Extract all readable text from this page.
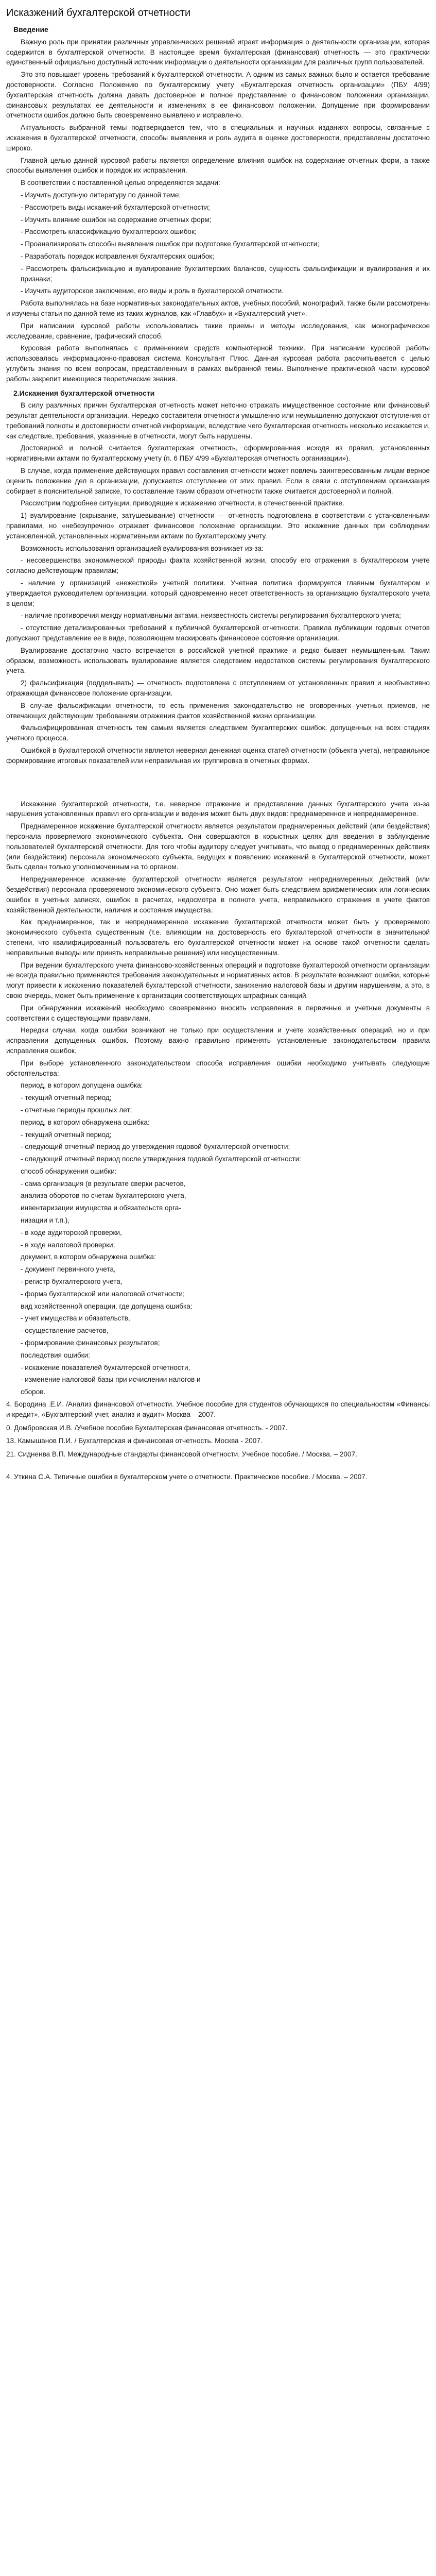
Исказжений бухгалтерской отчетности
Введение

Важную роль при принятии различных управленческих решений играет информация о деятельности организации, которая содержится в бухгалтерской отчетности. В настоящее время бухгалтерская (финансовая) отчетность — это практически единственный официально доступный источник информации о деятельности организации для различных групп пользователей.

Это это повышает уровень требований к бухгалтерской отчетности. А одним из самых важных было и остается требование достоверности. Согласно Положению по бухгалтерскому учету «Бухгалтерская отчетность организации» (ПБУ 4/99) бухгалтерская отчетность должна давать достоверное и полное представление о финансовом положении организации, финансовых результатах ее деятельности и изменениях в ее финансовом положении. Допущение при формировании отчетности ошибок должно быть своевременно выявлено и исправлено.

Актуальность выбранной темы подтверждается тем, что в специальных и научных изданиях вопросы, связанные с искажения в бухгалтерской отчетности, способы выявления и роль аудита в оценке достоверности, представлены достаточно широко.

Главной целью данной курсовой работы является определение влияния ошибок на содержание отчетных форм, а также способы выявления ошибок и порядок их исправления.

В соответствии с поставленной целью определяются задачи:

- Изучить доступную литературу по данной теме;
- Рассмотреть виды искажений бухгалтерской отчетности;
- Изучить влияние ошибок на содержание отчетных форм;
- Рассмотреть классификацию бухгалтерских ошибок;
- Проанализировать способы выявления ошибок при подготовке бухгалтерской отчетности;
- Разработать порядок исправления бухгалтерских ошибок;
- Рассмотреть фальсификацию и вуалирование бухгалтерских балансов, сущность фальсификации и вуалирования и их признаки;
- Изучить аудиторское заключение, его виды и роль в бухгалтерской отчетности.

Работа выполнялась на базе нормативных законодательных актов, учебных пособий, монографий, также были рассмотрены и изучены статьи по данной теме из таких журналов, как «Главбух» и «Бухгалтерский учет».

При написании курсовой работы использовались такие приемы и методы исследования, как монографическое исследование, сравнение, графический способ.

Курсовая работа выполнялась с применением средств компьютерной техники. При написании курсовой работы использовалась информационно-правовая система Консультант Плюс. Данная курсовая работа рассчитывается с целью углубить знания по всем вопросам, представленным в рамках выбранной темы. Выполнение практической части курсовой работы закрепит имеющиеся теоретические знания.

2.Искажения бухгалтерской отчетности

В силу различных причин бухгалтерская отчетность может неточно отражать имущественное состояние или финансовый результат деятельности организации. Нередко составители отчетности умышленно или неумышленно допускают отступления от требований полноты и достоверности отчетной информации, вследствие чего бухгалтерская отчетность несколько искажается и, как следствие, требования, указанные в отчетности, могут быть нарушены.

Достоверной и полной считается бухгалтерская отчетность, сформированная исходя из правил, установленных нормативными актами по бухгалтерскому учету (п. 6 ПБУ 4/99 «Бухгалтерская отчетность организации»).

В случае, когда применение действующих правил составления отчетности может повлечь заинтересованным лицам верное оценить положение дел в организации, допускается отступление от этих правил. Если в связи с отступлением организация собирает в пояснительной записке, то составление таким образом отчетности также считается достоверной и полной.

Рассмотрим подробнее ситуации, приводящие к искажению отчетности, в отечественной практике.

1) вуалирование (скрывание, затушевывание) отчетности — отчетность подготовлена в соответствии с установленными правилами, но «небезупречно» отражает финансовое положение организации. Это искажение данных при соблюдении установленной, установленных нормативными актами по бухгалтерскому учету.

Возможность использования организацией вуалирования возникает из-за:

- несовершенства экономической природы факта хозяйственной жизни, способу его отражения в бухгалтерском учете согласно действующим правилам;

- наличие у организаций «нежесткой» учетной политики. Учетная политика формируется главным бухгалтером и утверждается руководителем организации, который одновременно несет ответственность за организацию бухгалтерского учета в целом;

- наличие противоречия между нормативными актами, неизвестность системы регулирования бухгалтерского учета;

- отсутствие детализированных требований к публичной бухгалтерской отчетности. Правила публикации годовых отчетов допускают представление ее в виде, позволяющем маскировать финансовое состояние организации.

Вуалирование достаточно часто встречается в российской учетной практике и редко бывает неумышленным. Таким образом, возможность использовать вуалирование является следствием недостатков системы регулирования бухгалтерского учета.

2) фальсификация (подделывать) — отчетность подготовлена с отступлением от установленных правил и необъективно отражающая финансовое положение организации.

В случае фальсификации отчетности, то есть применения законодательство не оговоренных учетных приемов, не отвечающих действующим требованиям отражения фактов хозяйственной жизни организации.

Фальсифицированная отчетность тем самым является следствием бухгалтерских ошибок, допущенных на всех стадиях учетного процесса.

Ошибкой в бухгалтерской отчетности является неверная денежная оценка статей отчетности (объекта учета), неправильное формирование итоговых показателей или неправильная их группировка в отчетных формах.

Искажение бухгалтерской отчетности, т.е. неверное отражение и представление данных бухгалтерского учета из-за нарушения установленных правил его организации и ведения может быть двух видов: преднамеренное и непреднамеренное.

Преднамеренное искажение бухгалтерской отчетности является результатом преднамеренных действий (или бездействия) персонала проверяемого экономического субъекта. Они совершаются в корыстных целях для введения в заблуждение пользователей бухгалтерской отчетности. Для того чтобы аудитору следует учитывать, что вывод о преднамеренных действиях (или бездействии) персонала экономического субъекта, ведущих к появлению искажений в бухгалтерской отчетности, может быть сделан только уполномоченным на то органом.

Непреднамеренное искажение бухгалтерской отчетности является результатом непреднамеренных действий (или бездействия) персонала проверяемого экономического субъекта. Оно может быть следствием арифметических или логических ошибок в учетных записях, ошибок в расчетах, недосмотра в полноте учета, неправильного отражения в учете фактов хозяйственной деятельности, наличия и состояния имущества.

Как преднамеренное, так и непреднамеренное искажение бухгалтерской отчетности может быть у проверяемого экономического субъекта существенным (т.е. влияющим на достоверность его бухгалтерской отчетности в значительной степени, что квалифицированный пользователь его бухгалтерской отчетности может на основе такой отчетности сделать неправильные выводы или принять неправильные решения) или несущественным.

При ведении бухгалтерского учета финансово-хозяйственных операций и подготовке бухгалтерской отчетности организации не всегда правильно применяются требования законодательных и нормативных актов. В результате возникают ошибки, которые могут привести к искажению показателей бухгалтерской отчетности, занижению налоговой базы и другим нарушениям, а это, в свою очередь, может быть применение к организации соответствующих штрафных санкций.

При обнаружении искажений необходимо своевременно вносить исправления в первичные и учетные документы в соответствии с существующими правилами.

Нередки случаи, когда ошибки возникают не только при осуществлении и учете хозяйственных операций, но и при исправлении допущенных ошибок. Поэтому важно правильно применять установленные законодательством правила исправления ошибок.

При выборе установленного законодательством способа исправления ошибки необходимо учитывать следующие обстоятельства:

период, в котором допущена ошибка:
- текущий отчетный период;
- отчетные периоды прошлых лет;
период, в котором обнаружена ошибка:
- текущий отчетный период;
- следующий отчетный период до утверждения годовой бухгалтерской отчетности;
- следующий отчетный период после утверждения годовой бухгалтерской отчетности:
способ обнаружения ошибки:
- сама организация (в результате сверки расчетов,
анализа оборотов по счетам бухгалтерского учета,
инвентаризации имущества и обязательств орга-
низации и т.п.),
- в ходе аудиторской проверки,
- в ходе налоговой проверки;
документ, в котором обнаружена ошибка:
- документ первичного учета,
- регистр бухгалтерского учета,
- форма бухгалтерской или налоговой отчетности;
вид хозяйственной операции, где допущена ошибка:
- учет имущества и обязательств,
- осуществление расчетов,
- формирование финансовых результатов;
последствия ошибки:
- искажение показателей бухгалтерской отчетности,
- изменение налоговой базы при исчислении налогов и
сборов.

4. Бородина .Е.И. /Анализ финансовой отчетности. Учебное пособие для студентов обучающихся по специальностям «Финансы и кредит», «Бухгалтерский учет, анализ и аудит» Москва – 2007.

0. Домбровская И.В. /Учебное пособие Бухгалтерская финансовая отчетность. - 2007.

13. Камышанов П.И. / Бухгалтерская и финансовая отчетность. Москва - 2007.

21. Сидненва В.П. Международные стандарты финансовой отчетности. Учебное пособие. / Москва. – 2007.

4. Уткина С.А. Типичные ошибки в бухгалтерском учете о отчетности. Практическое пособие. / Москва. – 2007.
